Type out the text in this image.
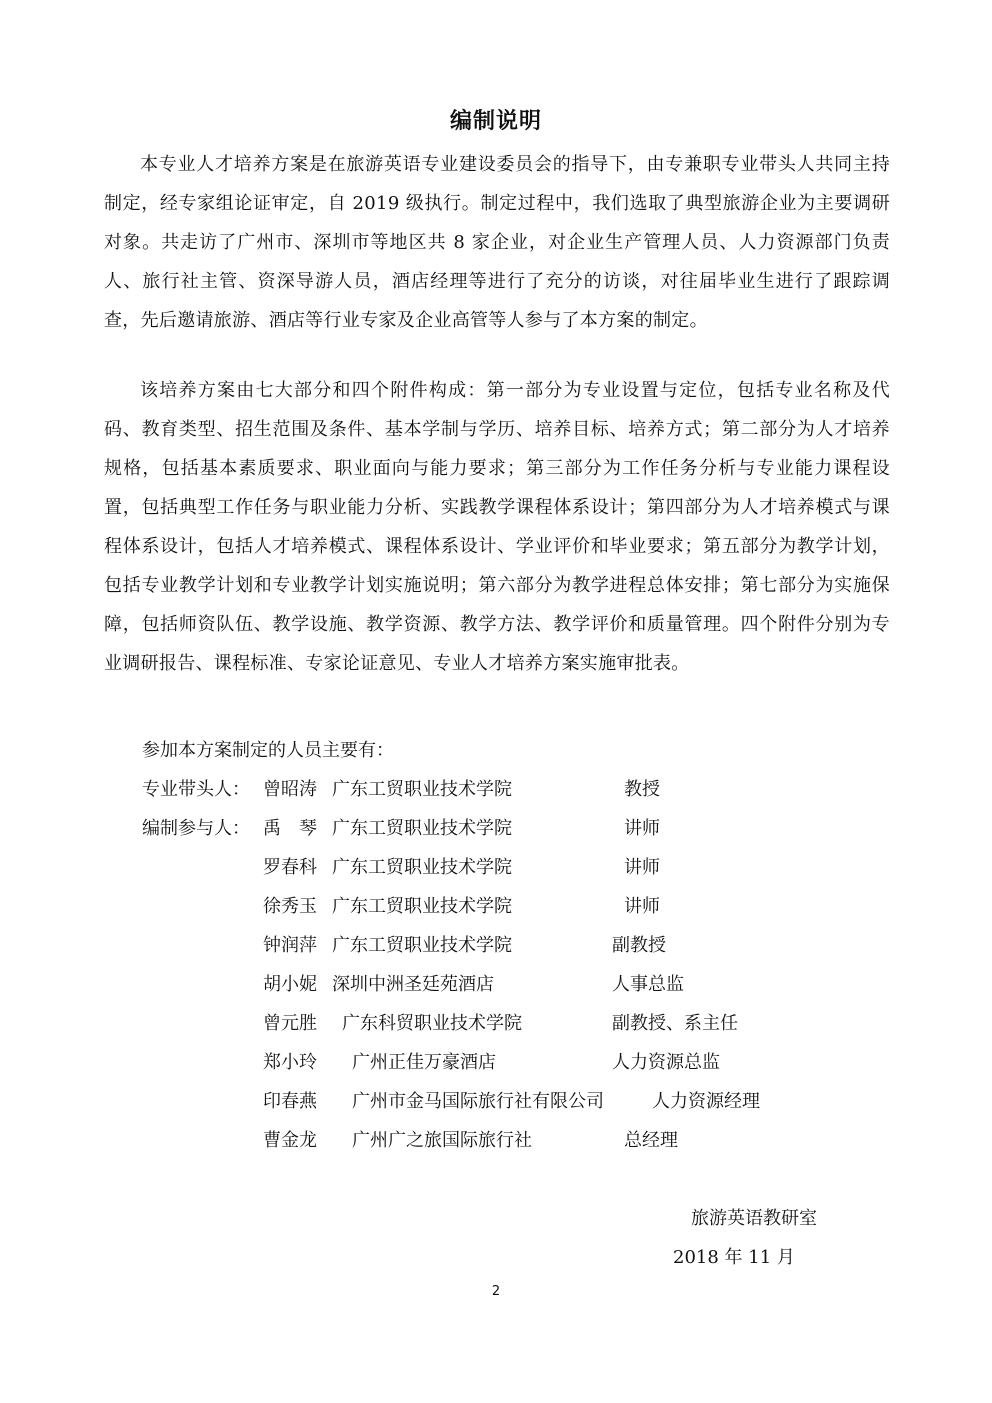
编制说明

本专业人才培养方案是在旅游英语专业建设委员会的指导下，由专兼职专业带头人共同主持制定，经专家组论证审定，自 2019 级执行。制定过程中，我们选取了典型旅游企业为主要调研对象。共走访了广州市、深圳市等地区共 8 家企业，对企业生产管理人员、人力资源部门负责人、旅行社主管、资深导游人员，酒店经理等进行了充分的访谈，对往届毕业生进行了跟踪调查，先后邀请旅游、酒店等行业专家及企业高管等人参与了本方案的制定。

该培养方案由七大部分和四个附件构成：第一部分为专业设置与定位，包括专业名称及代码、教育类型、招生范围及条件、基本学制与学历、培养目标、培养方式；第二部分为人才培养规格，包括基本素质要求、职业面向与能力要求；第三部分为工作任务分析与专业能力课程设置，包括典型工作任务与职业能力分析、实践教学课程体系设计；第四部分为人才培养模式与课程体系设计，包括人才培养模式、课程体系设计、学业评价和毕业要求；第五部分为教学计划，包括专业教学计划和专业教学计划实施说明；第六部分为教学进程总体安排；第七部分为实施保障，包括师资队伍、教学设施、教学资源、教学方法、教学评价和质量管理。四个附件分别为专业调研报告、课程标准、专家论证意见、专业人才培养方案实施审批表。

参加本方案制定的人员主要有：
专业带头人： 曾昭涛 广东工贸职业技术学院	教授
编制参与人： 禹　琴 广东工贸职业技术学院	讲师
罗春科 广东工贸职业技术学院	讲师
徐秀玉 广东工贸职业技术学院	讲师
钟润萍 广东工贸职业技术学院	副教授
胡小妮 深圳中洲圣廷苑酒店	人事总监
曾元胜 广东科贸职业技术学院	副教授、系主任
郑小玲 广州正佳万豪酒店	人力资源总监
印春燕 广州市金马国际旅行社有限公司	人力资源经理
曹金龙 广州广之旅国际旅行社	总经理
旅游英语教研室
2018 年 11 月
2
